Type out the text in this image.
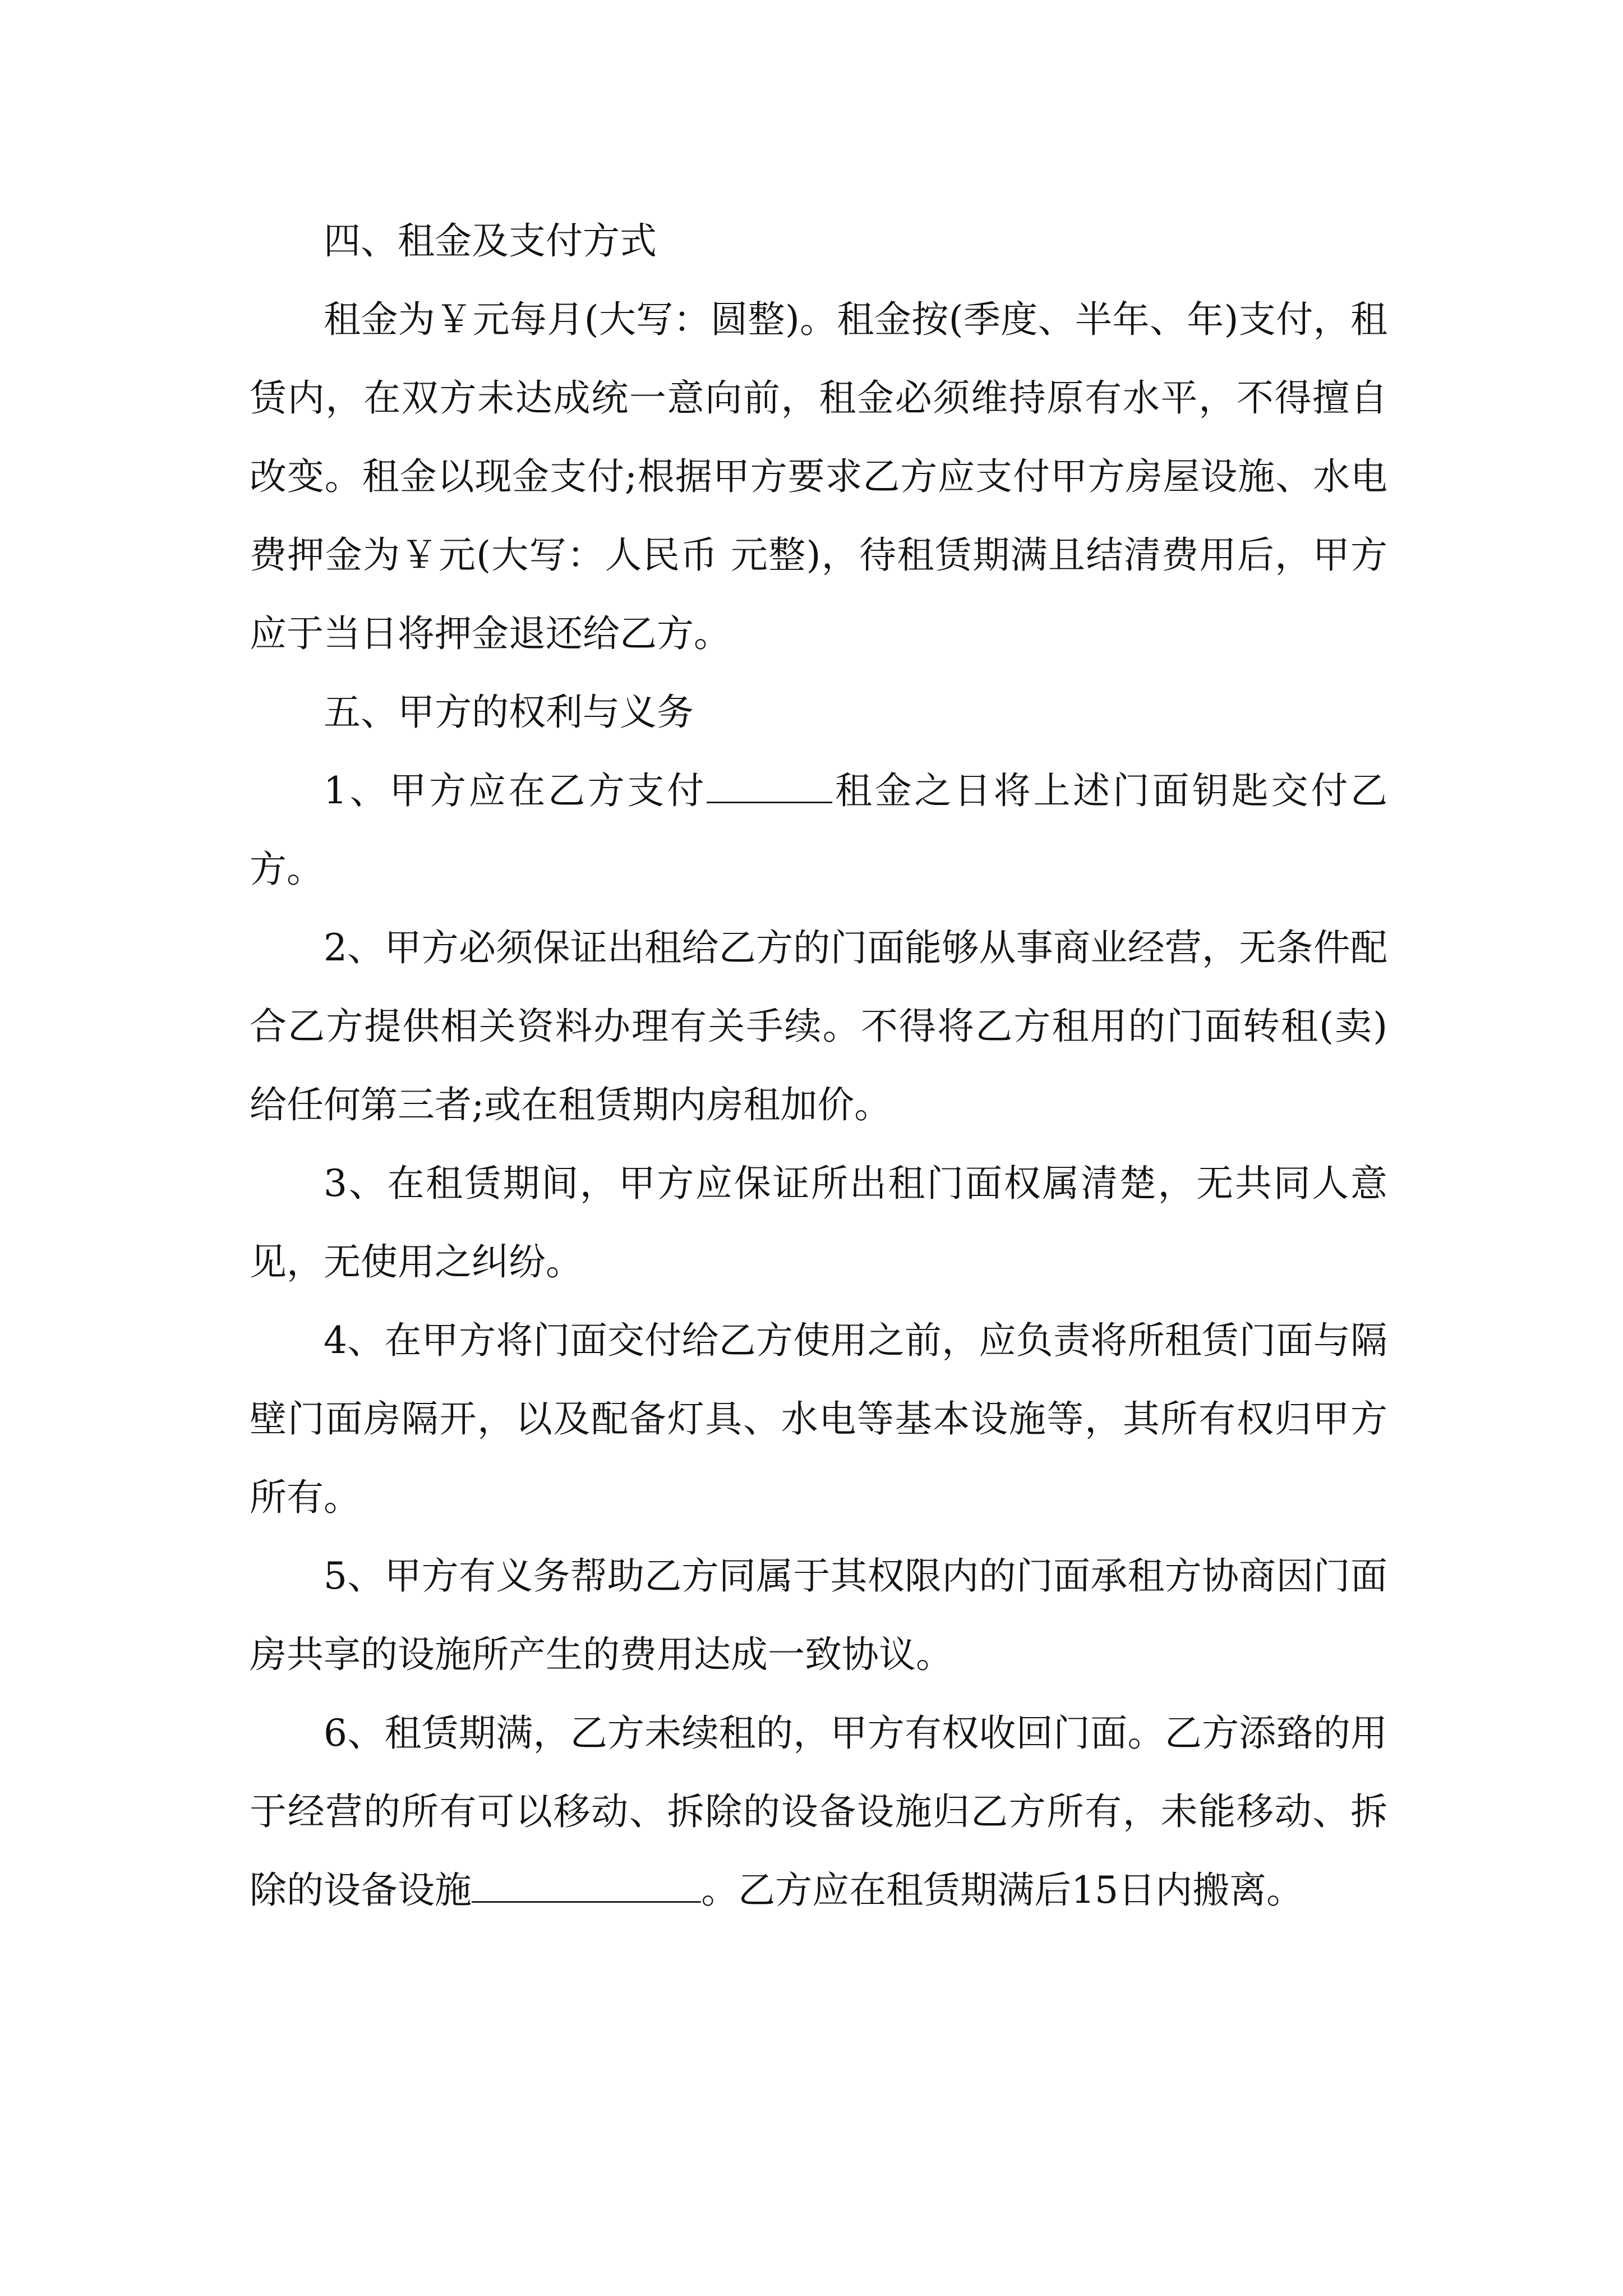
四、租金及支付方式

租金为￥元每月(大写：圆整)。租金按(季度、半年、年)支付，租赁内，在双方未达成统一意向前，租金必须维持原有水平，不得擅自改变。租金以现金支付;根据甲方要求乙方应支付甲方房屋设施、水电费押金为￥元(大写：人民币 元整)，待租赁期满且结清费用后，甲方应于当日将押金退还给乙方。

五、甲方的权利与义务

1、甲方应在乙方支付	租金之日将上述门面钥匙交付乙方。

2、甲方必须保证出租给乙方的门面能够从事商业经营，无条件配合乙方提供相关资料办理有关手续。不得将乙方租用的门面转租(卖)给任何第三者;或在租赁期内房租加价。

3、在租赁期间，甲方应保证所出租门面权属清楚，无共同人意见，无使用之纠纷。

4、在甲方将门面交付给乙方使用之前，应负责将所租赁门面与隔壁门面房隔开，以及配备灯具、水电等基本设施等，其所有权归甲方所有。

5、甲方有义务帮助乙方同属于其权限内的门面承租方协商因门面房共享的设施所产生的费用达成一致协议。

6、租赁期满，乙方未续租的，甲方有权收回门面。乙方添臵的用于经营的所有可以移动、拆除的设备设施归乙方所有，未能移动、拆除的设备设施	。乙方应在租赁期满后15日内搬离。
